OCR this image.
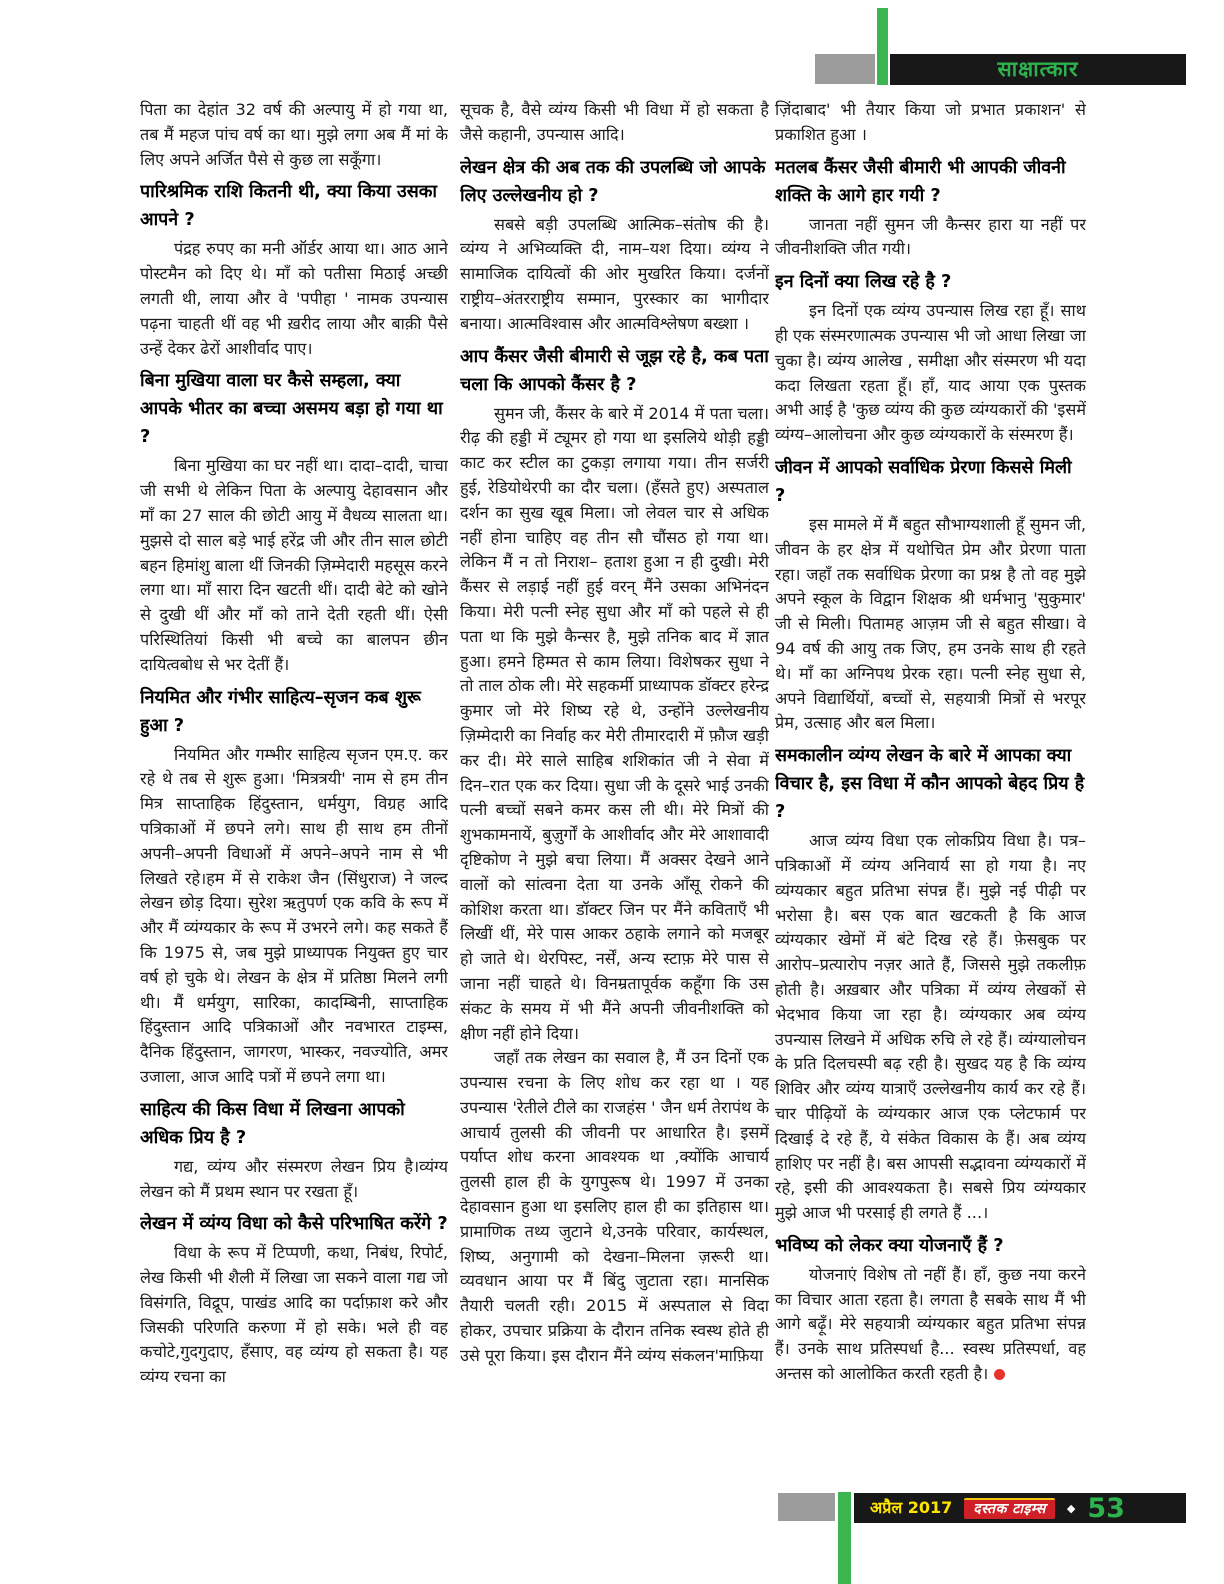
साक्षात्कार
पिता का देहांत 32 वर्ष की अल्पायु में हो गया था, तब मैं महज पांच वर्ष का था। मुझे लगा अब मैं मां के लिए अपने अर्जित पैसे से कुछ ला सकूँगा।
पारिश्रमिक राशि कितनी थी, क्या किया उसका आपने ?
पंद्रह रुपए का मनी ऑर्डर आया था। आठ आने पोस्टमैन को दिए थे। माँ को पतीसा मिठाई अच्छी लगती थी, लाया और वे 'पपीहा ' नामक उपन्यास पढ़ना चाहती थीं वह भी ख़रीद लाया और बाक़ी पैसे उन्हें देकर ढेरों आशीर्वाद पाए।
बिना मुखिया वाला घर कैसे सम्हला, क्या आपके भीतर का बच्चा असमय बड़ा हो गया था ?
बिना मुखिया का घर नहीं था। दादा–दादी, चाचा जी सभी थे लेकिन पिता के अल्पायु देहावसान और माँ का 27 साल की छोटी आयु में वैधव्य सालता था। मुझसे दो साल बड़े भाई हरेंद्र जी और तीन साल छोटी बहन हिमांशु बाला थीं जिनकी ज़िम्मेदारी महसूस करने लगा था। माँ सारा दिन खटती थीं। दादी बेटे को खोने से दुखी थीं और माँ को ताने देती रहती थीं। ऐसी परिस्थितियां किसी भी बच्चे का बालपन छीन दायित्वबोध से भर देतीं हैं।
नियमित और गंभीर साहित्य–सृजन कब शुरू हुआ ?
नियमित और गम्भीर साहित्य सृजन एम.ए. कर रहे थे तब से शुरू हुआ। 'मित्रत्रयी' नाम से हम तीन मित्र साप्ताहिक हिंदुस्तान, धर्मयुग, विग्रह आदि पत्रिकाओं में छपने लगे। साथ ही साथ हम तीनों अपनी–अपनी विधाओं में अपने–अपने नाम से भी लिखते रहे।हम में से राकेश जैन (सिंधुराज) ने जल्द लेखन छोड़ दिया। सुरेश ऋतुपर्ण एक कवि के रूप में और मैं व्यंग्यकार के रूप में उभरने लगे। कह सकते हैं कि 1975 से, जब मुझे प्राध्यापक नियुक्त हुए चार वर्ष हो चुके थे। लेखन के क्षेत्र में प्रतिष्ठा मिलने लगी थी। मैं धर्मयुग, सारिका, कादम्बिनी, साप्ताहिक हिंदुस्तान आदि पत्रिकाओं और नवभारत टाइम्स, दैनिक हिंदुस्तान, जागरण, भास्कर, नवज्योति, अमर उजाला, आज आदि पत्रों में छपने लगा था।
साहित्य की किस विधा में लिखना आपको अधिक प्रिय है ?
गद्य, व्यंग्य और संस्मरण लेखन प्रिय है।व्यंग्य लेखन को मैं प्रथम स्थान पर रखता हूँ।
लेखन में व्यंग्य विधा को कैसे परिभाषित करेंगे ?
विधा के रूप में टिप्पणी, कथा, निबंध, रिपोर्ट, लेख किसी भी शैली में लिखा जा सकने वाला गद्य जो विसंगति, विद्रूप, पाखंड आदि का पर्दाफ़ाश करे और जिसकी परिणति करुणा में हो सके। भले ही वह कचोटे,गुदगुदाए, हँसाए, वह व्यंग्य हो सकता है। यह व्यंग्य रचना का
सूचक है, वैसे व्यंग्य किसी भी विधा में हो सकता है जैसे कहानी, उपन्यास आदि।
लेखन क्षेत्र की अब तक की उपलब्धि जो आपके लिए उल्लेखनीय हो ?
सबसे बड़ी उपलब्धि आत्मिक–संतोष की है। व्यंग्य ने अभिव्यक्ति दी, नाम–यश दिया। व्यंग्य ने सामाजिक दायित्वों की ओर मुखरित किया। दर्जनों राष्ट्रीय–अंतरराष्ट्रीय सम्मान, पुरस्कार का भागीदार बनाया। आत्मविश्वास और आत्मविश्लेषण बख्शा ।
आप कैंसर जैसी बीमारी से जूझ रहे है, कब पता चला कि आपको कैंसर है ?
सुमन जी, कैंसर के बारे में 2014 में पता चला। रीढ़ की हड्डी में ट्यूमर हो गया था इसलिये थोड़ी हड्डी काट कर स्टील का टुकड़ा लगाया गया। तीन सर्जरी हुई, रेडियोथेरपी का दौर चला। (हँसते हुए) अस्पताल दर्शन का सुख खूब मिला। जो लेवल चार से अधिक नहीं होना चाहिए वह तीन सौ चौंसठ हो गया था। लेकिन मैं न तो निराश– हताश हुआ न ही दुखी। मेरी कैंसर से लड़ाई नहीं हुई वरन् मैंने उसका अभिनंदन किया। मेरी पत्नी स्नेह सुधा और माँ को पहले से ही पता था कि मुझे कैन्सर है, मुझे तनिक बाद में ज्ञात हुआ। हमने हिम्मत से काम लिया। विशेषकर सुधा ने तो ताल ठोक ली। मेरे सहकर्मी प्राध्यापक डॉक्टर हरेन्द्र कुमार जो मेरे शिष्य रहे थे, उन्होंने उल्लेखनीय ज़िम्मेदारी का निर्वाह कर मेरी तीमारदारी में फ़ौज खड़ी कर दी। मेरे साले साहिब शशिकांत जी ने सेवा में दिन–रात एक कर दिया। सुधा जी के दूसरे भाई उनकी पत्नी बच्चों सबने कमर कस ली थी। मेरे मित्रों की शुभकामनायें, बुज़ुर्गों के आशीर्वाद और मेरे आशावादी दृष्टिकोण ने मुझे बचा लिया। मैं अक्सर देखने आने वालों को सांत्वना देता या उनके आँसू रोकने की कोशिश करता था। डॉक्टर जिन पर मैंने कविताएँ भी लिखीं थीं, मेरे पास आकर ठहाके लगाने को मजबूर हो जाते थे। थेरपिस्ट, नर्सें, अन्य स्टाफ़ मेरे पास से जाना नहीं चाहते थे। विनम्रतापूर्वक कहूँगा कि उस संकट के समय में भी मैंने अपनी जीवनीशक्ति को क्षीण नहीं होने दिया।
जहाँ तक लेखन का सवाल है, मैं उन दिनों एक उपन्यास रचना के लिए शोध कर रहा था । यह उपन्यास 'रेतीले टीले का राजहंस ' जैन धर्म तेरापंथ के आचार्य तुलसी की जीवनी पर आधारित है। इसमें पर्याप्त शोध करना आवश्यक था ,क्योंकि आचार्य तुलसी हाल ही के युगपुरूष थे। 1997 में उनका देहावसान हुआ था इसलिए हाल ही का इतिहास था। प्रामाणिक तथ्य जुटाने थे,उनके परिवार, कार्यस्थल, शिष्य, अनुगामी को देखना–मिलना ज़रूरी था। व्यवधान आया पर मैं बिंदु जुटाता रहा। मानसिक तैयारी चलती रही। 2015 में अस्पताल से विदा होकर, उपचार प्रक्रिया के दौरान तनिक स्वस्थ होते ही उसे पूरा किया। इस दौरान मैंने व्यंग्य संकलन'माफ़िया
ज़िंदाबाद' भी तैयार किया जो प्रभात प्रकाशन' से प्रकाशित हुआ ।
मतलब कैंसर जैसी बीमारी भी आपकी जीवनी शक्ति के आगे हार गयी ?
जानता नहीं सुमन जी कैन्सर हारा या नहीं पर जीवनीशक्ति जीत गयी।
इन दिनों क्या लिख रहे है ?
इन दिनों एक व्यंग्य उपन्यास लिख रहा हूँ। साथ ही एक संस्मरणात्मक उपन्यास भी जो आधा लिखा जा चुका है। व्यंग्य आलेख , समीक्षा और संस्मरण भी यदा कदा लिखता रहता हूँ। हाँ, याद आया एक पुस्तक अभी आई है 'कुछ व्यंग्य की कुछ व्यंग्यकारों की 'इसमें व्यंग्य–आलोचना और कुछ व्यंग्यकारों के संस्मरण हैं।
जीवन में आपको सर्वाधिक प्रेरणा किससे मिली ?
इस मामले में मैं बहुत सौभाग्यशाली हूँ सुमन जी, जीवन के हर क्षेत्र में यथोचित प्रेम और प्रेरणा पाता रहा। जहाँ तक सर्वाधिक प्रेरणा का प्रश्न है तो वह मुझे अपने स्कूल के विद्वान शिक्षक श्री धर्मभानु 'सुकुमार' जी से मिली। पितामह आज़म जी से बहुत सीखा। वे 94 वर्ष की आयु तक जिए, हम उनके साथ ही रहते थे। माँ का अग्निपथ प्रेरक रहा। पत्नी स्नेह सुधा से, अपने विद्यार्थियों, बच्चों से, सहयात्री मित्रों से भरपूर प्रेम, उत्साह और बल मिला।
समकालीन व्यंग्य लेखन के बारे में आपका क्या विचार है, इस विधा में कौन आपको बेहद प्रिय है ?
आज व्यंग्य विधा एक लोकप्रिय विधा है। पत्र–पत्रिकाओं में व्यंग्य अनिवार्य सा हो गया है। नए व्यंग्यकार बहुत प्रतिभा संपन्न हैं। मुझे नई पीढ़ी पर भरोसा है। बस एक बात खटकती है कि आज व्यंग्यकार खेमों में बंटे दिख रहे हैं। फ़ेसबुक पर आरोप–प्रत्यारोप नज़र आते हैं, जिससे मुझे तकलीफ़ होती है। अख़बार और पत्रिका में व्यंग्य लेखकों से भेदभाव किया जा रहा है। व्यंग्यकार अब व्यंग्य उपन्यास लिखने में अधिक रुचि ले रहे हैं। व्यंग्यालोचन के प्रति दिलचस्पी बढ़ रही है। सुखद यह है कि व्यंग्य शिविर और व्यंग्य यात्राएँ उल्लेखनीय कार्य कर रहे हैं। चार पीढ़ियों के व्यंग्यकार आज एक प्लेटफार्म पर दिखाई दे रहे हैं, ये संकेत विकास के हैं। अब व्यंग्य हाशिए पर नहीं है। बस आपसी सद्भावना व्यंग्यकारों में रहे, इसी की आवश्यकता है। सबसे प्रिय व्यंग्यकार मुझे आज भी परसाई ही लगते हैं ...।
भविष्य को लेकर क्या योजनाएँ हैं ?
योजनाएं विशेष तो नहीं हैं। हाँ, कुछ नया करने का विचार आता रहता है। लगता है सबके साथ मैं भी आगे बढ़ूँ। मेरे सहयात्री व्यंग्यकार बहुत प्रतिभा संपन्न हैं। उनके साथ प्रतिस्पर्धा है... स्वस्थ प्रतिस्पर्धा, वह अन्तस को आलोकित करती रहती है।
अप्रैल 2017	दस्तक टाइम्स	◆ 53
